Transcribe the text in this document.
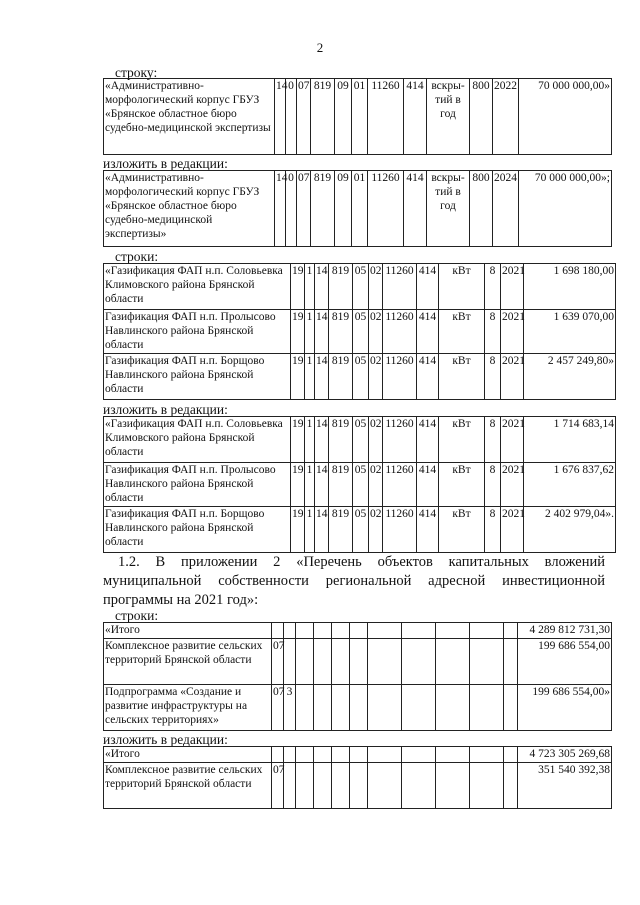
2
строку:
«Административно-морфологический корпус ГБУЗ «Брянское областное бюро судебно-медицинской экспертизы	14	0	07	819	09	01	11260	414	вскры-тий в год	800	2022	70 000 000,00»
изложить в редакции:
«Административно-морфологический корпус ГБУЗ «Брянское областное бюро судебно-медицинской экспертизы»	14	0	07	819	09	01	11260	414	вскры-тий в год	800	2024	70 000 000,00»;
строки:
«Газификация ФАП н.п. Соловьевка Климовского района Брянской области	19	1	14	819	05	02	11260	414	кВт	8	2021	1 698 180,00
Газификация ФАП н.п. Пролысово Навлинского района Брянской области	19	1	14	819	05	02	11260	414	кВт	8	2021	1 639 070,00
Газификация ФАП н.п. Борщово Навлинского района Брянской области	19	1	14	819	05	02	11260	414	кВт	8	2021	2 457 249,80»
изложить в редакции:
«Газификация ФАП н.п. Соловьевка Климовского района Брянской области	19	1	14	819	05	02	11260	414	кВт	8	2021	1 714 683,14
Газификация ФАП н.п. Пролысово Навлинского района Брянской области	19	1	14	819	05	02	11260	414	кВт	8	2021	1 676 837,62
Газификация ФАП н.п. Борщово Навлинского района Брянской области	19	1	14	819	05	02	11260	414	кВт	8	2021	2 402 979,04».
1.2. В приложении 2 «Перечень объектов капитальных вложений
муниципальной собственности региональной адресной инвестиционной
программы на 2021 год»:
строки:
«Итого												4 289 812 731,30
Комплексное развитие сельских территорий Брянской области	07											199 686 554,00
Подпрограмма «Создание и развитие инфраструктуры на сельских территориях»	07	3										199 686 554,00»
изложить в редакции:
«Итого												4 723 305 269,68
Комплексное развитие сельских территорий Брянской области	07											351 540 392,38
